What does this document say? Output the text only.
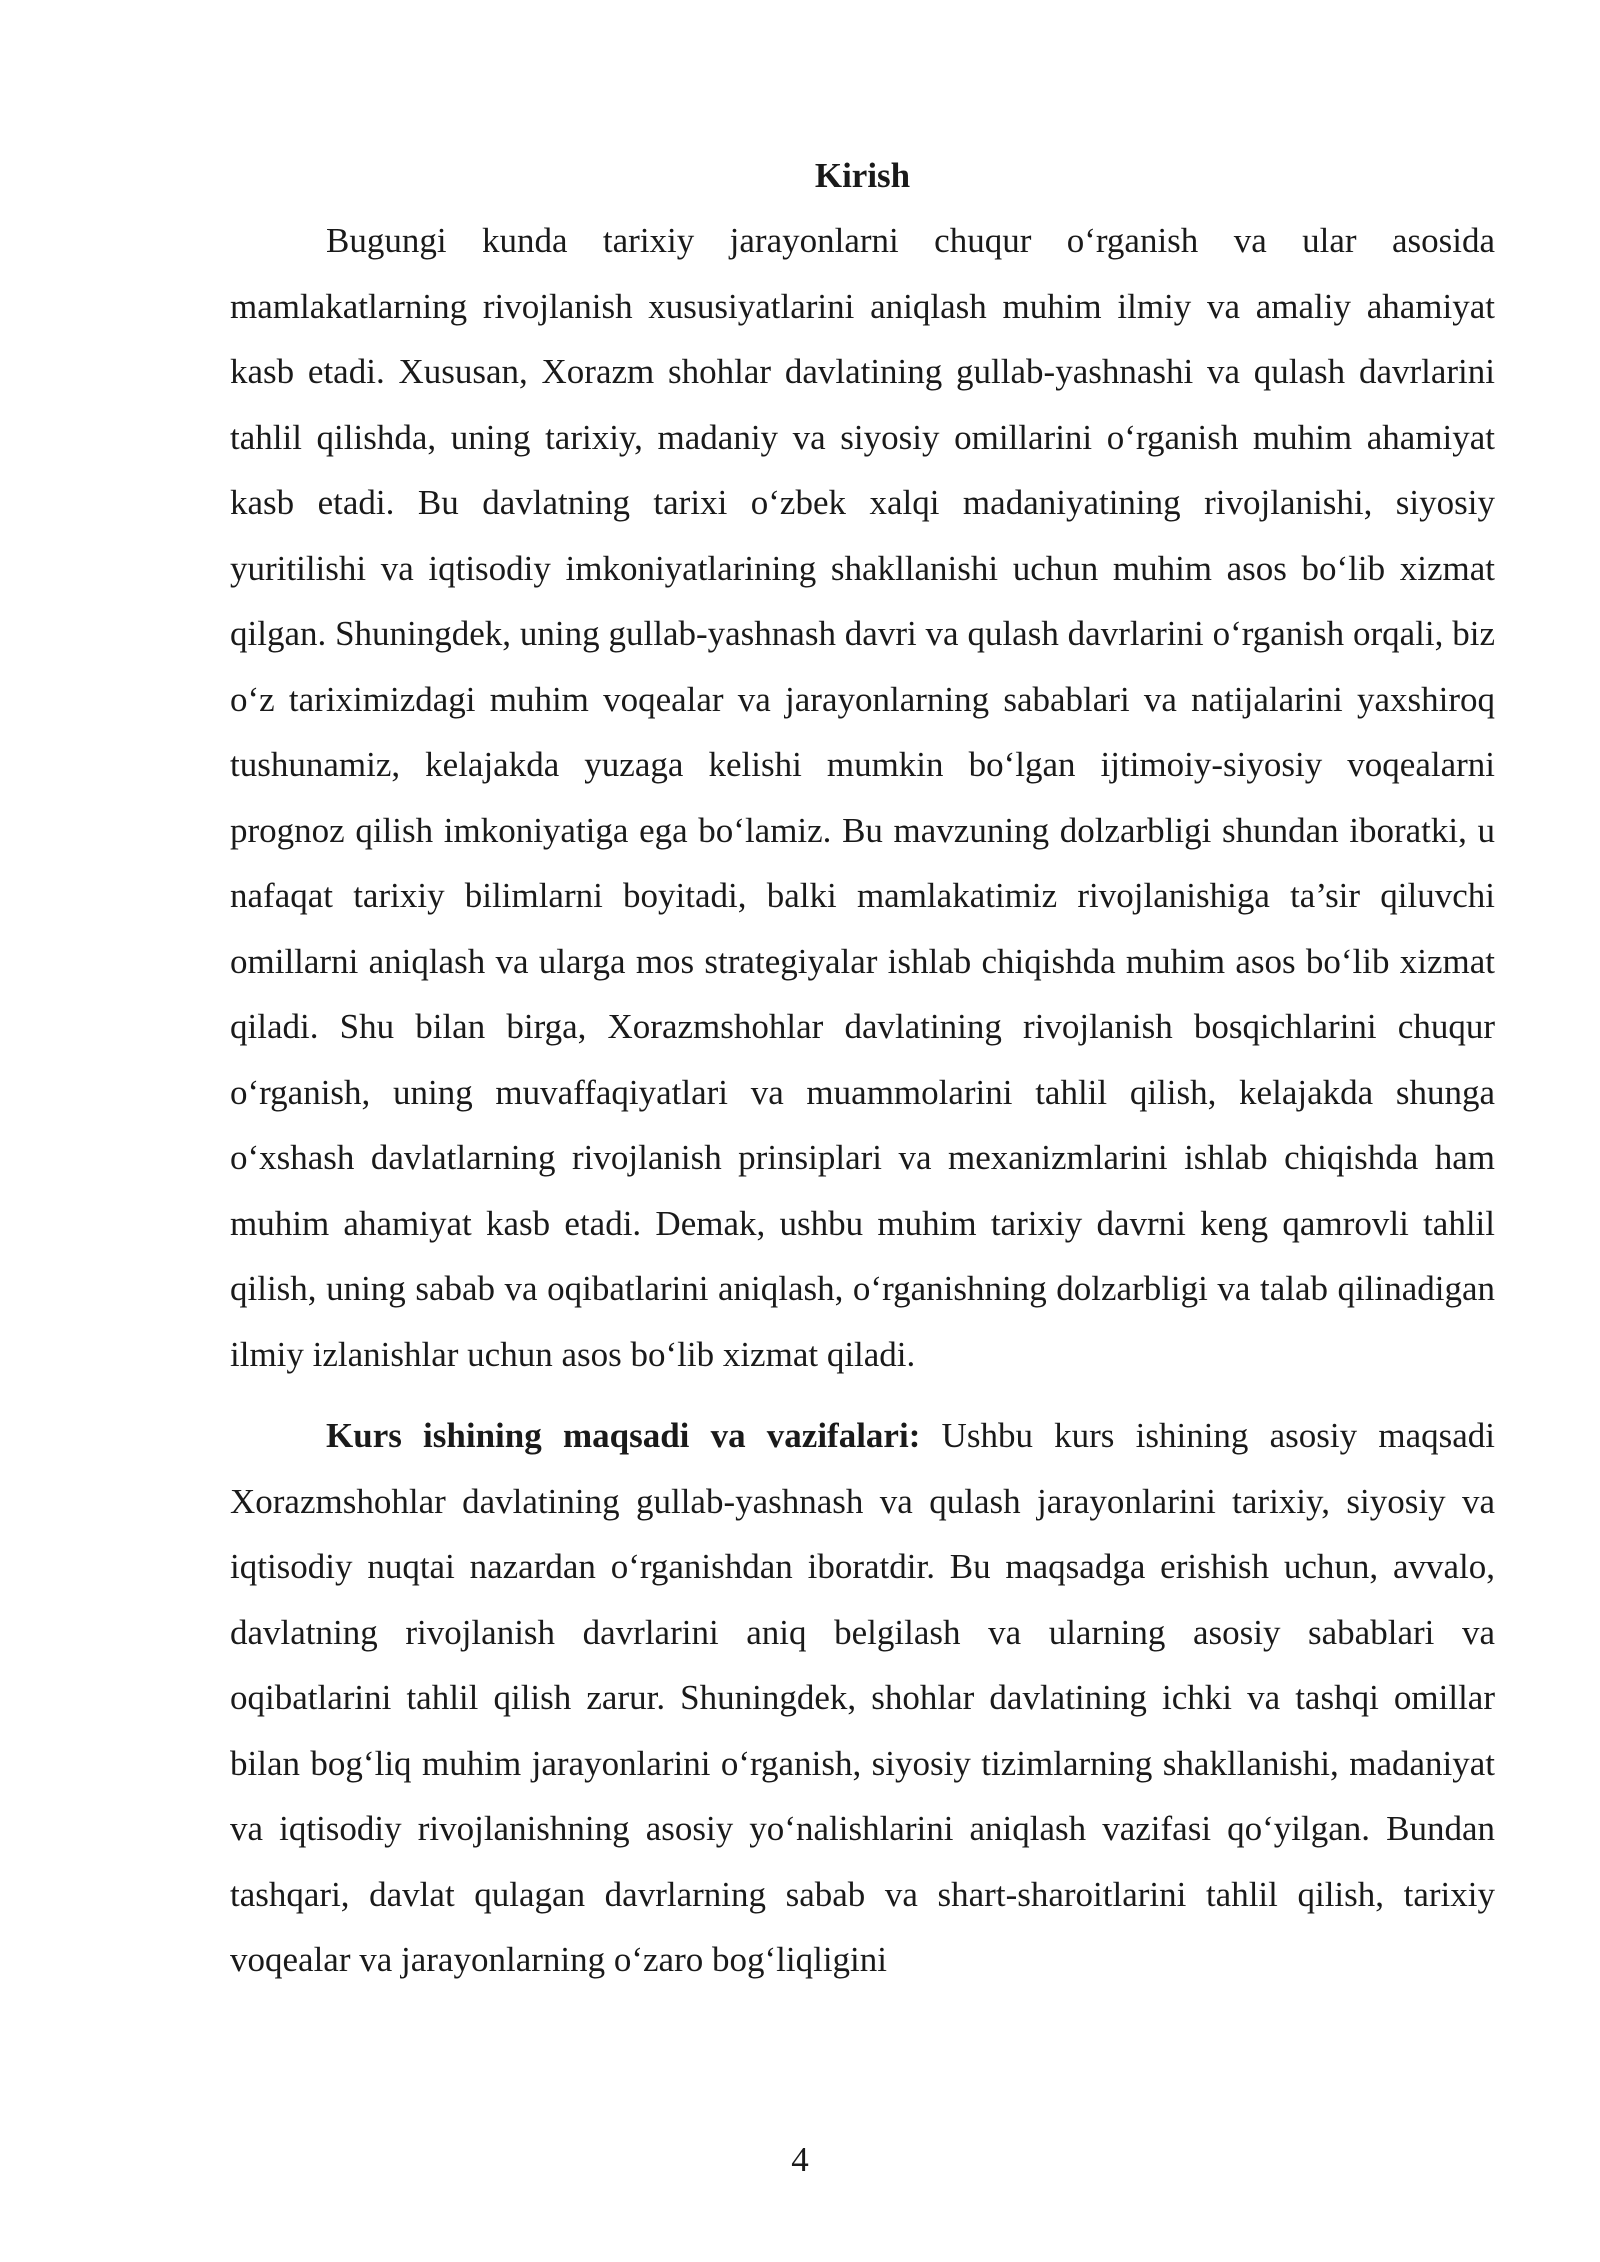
Kirish

Bugungi kunda tarixiy jarayonlarni chuqur o‘rganish va ular asosida mamlakatlarning rivojlanish xususiyatlarini aniqlash muhim ilmiy va amaliy ahamiyat kasb etadi. Xususan, Xorazm shohlar davlatining gullab-yashnashi va qulash davrlarini tahlil qilishda, uning tarixiy, madaniy va siyosiy omillarini o‘rganish muhim ahamiyat kasb etadi. Bu davlatning tarixi o‘zbek xalqi madaniyatining rivojlanishi, siyosiy yuritilishi va iqtisodiy imkoniyatlarining shakllanishi uchun muhim asos bo‘lib xizmat qilgan. Shuningdek, uning gullab-yashnash davri va qulash davrlarini o‘rganish orqali, biz o‘z tariximizdagi muhim voqealar va jarayonlarning sabablari va natijalarini yaxshiroq tushunamiz, kelajakda yuzaga kelishi mumkin bo‘lgan ijtimoiy-siyosiy voqealarni prognoz qilish imkoniyatiga ega bo‘lamiz. Bu mavzuning dolzarbligi shundan iboratki, u nafaqat tarixiy bilimlarni boyitadi, balki mamlakatimiz rivojlanishiga ta’sir qiluvchi omillarni aniqlash va ularga mos strategiyalar ishlab chiqishda muhim asos bo‘lib xizmat qiladi. Shu bilan birga, Xorazmshohlar davlatining rivojlanish bosqichlarini chuqur o‘rganish, uning muvaffaqiyatlari va muammolarini tahlil qilish, kelajakda shunga o‘xshash davlatlarning rivojlanish prinsiplari va mexanizmlarini ishlab chiqishda ham muhim ahamiyat kasb etadi. Demak, ushbu muhim tarixiy davrni keng qamrovli tahlil qilish, uning sabab va oqibatlarini aniqlash, o‘rganishning dolzarbligi va talab qilinadigan ilmiy izlanishlar uchun asos bo‘lib xizmat qiladi.

Kurs ishining maqsadi va vazifalari: Ushbu kurs ishining asosiy maqsadi Xorazmshohlar davlatining gullab-yashnash va qulash jarayonlarini tarixiy, siyosiy va iqtisodiy nuqtai nazardan o‘rganishdan iboratdir. Bu maqsadga erishish uchun, avvalo, davlatning rivojlanish davrlarini aniq belgilash va ularning asosiy sabablari va oqibatlarini tahlil qilish zarur. Shuningdek, shohlar davlatining ichki va tashqi omillar bilan bog‘liq muhim jarayonlarini o‘rganish, siyosiy tizimlarning shakllanishi, madaniyat va iqtisodiy rivojlanishning asosiy yo‘nalishlarini aniqlash vazifasi qo‘yilgan. Bundan tashqari, davlat qulagan davrlarning sabab va shart-sharoitlarini tahlil qilish, tarixiy voqealar va jarayonlarning o‘zaro bog‘liqligini

4
